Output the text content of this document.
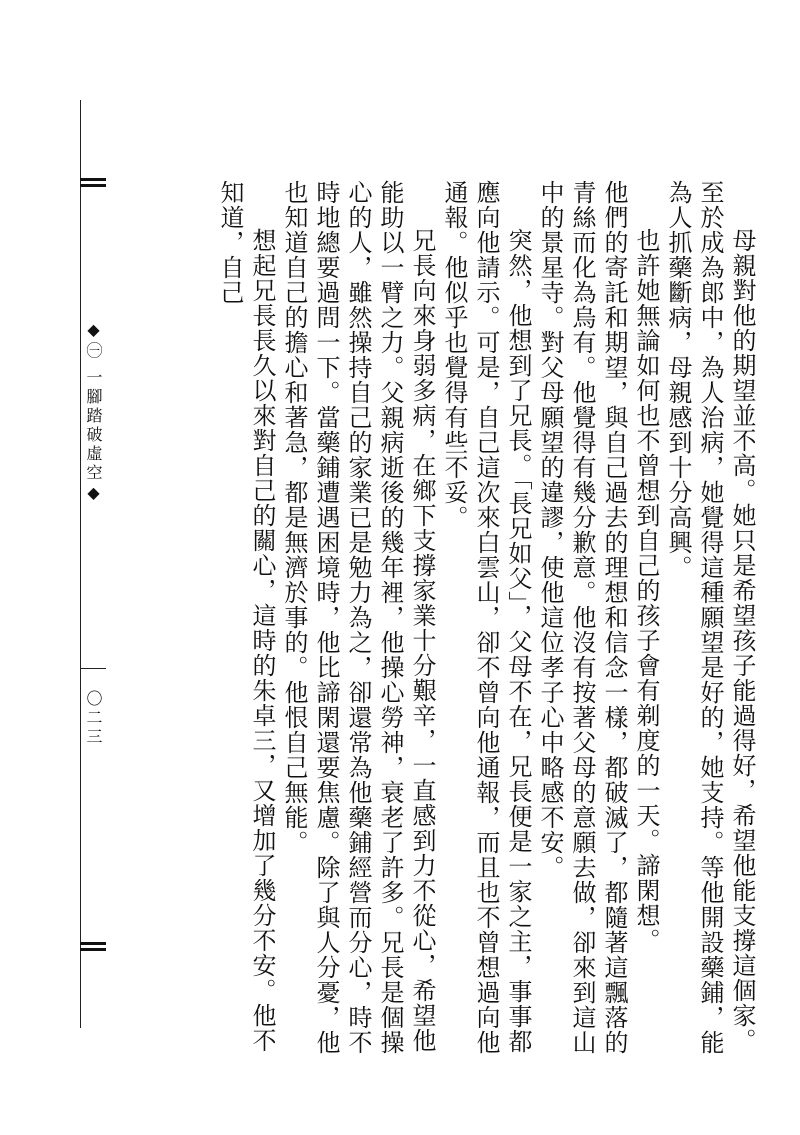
母親對他的期望並不高。她只是希望孩子能過得好，希望他能支撐這個家。至於成為郎中，為人治病，她覺得這種願望是好的，她支持。等他開設藥鋪，能為人抓藥斷病，母親感到十分高興。

也許她無論如何也不曾想到自己的孩子會有剃度的一天。諦閑想。

他們的寄託和期望，與自己過去的理想和信念一樣，都破滅了，都隨著這飄落的青絲而化為烏有。他覺得有幾分歉意。他沒有按著父母的意願去做，卻來到這山中的景星寺。對父母願望的違謬，使他這位孝子心中略感不安。

突然，他想到了兄長。「長兄如父」，父母不在，兄長便是一家之主，事事都應向他請示。可是，自己這次來白雲山，卻不曾向他通報，而且也不曾想過向他通報。他似乎也覺得有些不妥。

兄長向來身弱多病，在鄉下支撐家業十分艱辛，一直感到力不從心，希望他能助以一臂之力。父親病逝後的幾年裡，他操心勞神，衰老了許多。兄長是個操心的人，雖然操持自己的家業已是勉力為之，卻還常為他藥鋪經營而分心，時不時地總要過問一下。當藥鋪遭遇困境時，他比諦閑還要焦慮。除了與人分憂，他也知道自己的擔心和著急，都是無濟於事的。他恨自己無能。

想起兄長長久以來對自己的關心，這時的朱卓三，又增加了幾分不安。他不知道，自己

◆㊀ 一腳踏破虛空◆
〇二三
